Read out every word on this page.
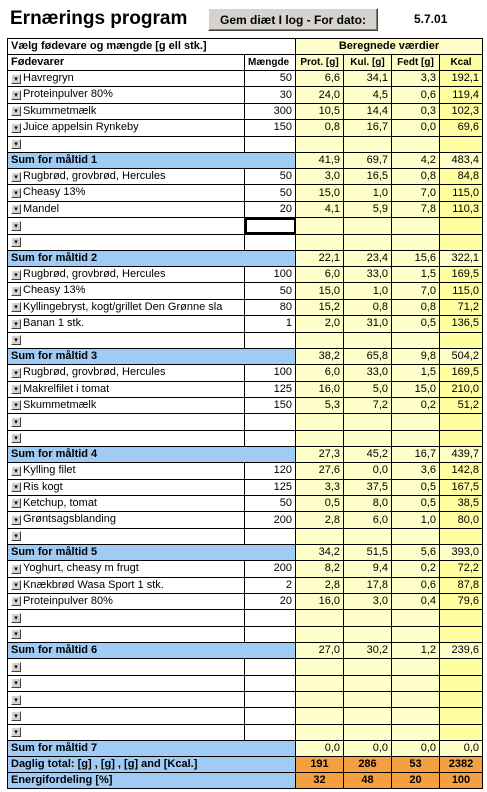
Ernærings program	Gem diæt I log - For dato:	5.7.01
Vælg fødevare og mængde [g ell stk.]		Beregnede værdier			
Fødevarer	Mængde	Prot. [g]	Kul. [g]	Fedt [g]	Kcal
▾ Havregryn	50	6,6	34,1	3,3	192,1
▾ Proteinpulver 80%	30	24,0	4,5	0,6	119,4
▾ Skummetmælk	300	10,5	14,4	0,3	102,3
▾ Juice appelsin Rynkeby	150	0,8	16,7	0,0	69,6
▾					
Sum for måltid 1		41,9	69,7	4,2	483,4
▾ Rugbrød, grovbrød, Hercules	50	3,0	16,5	0,8	84,8
▾ Cheasy 13%	50	15,0	1,0	7,0	115,0
▾ Mandel	20	4,1	5,9	7,8	110,3
▾					
▾					
Sum for måltid 2		22,1	23,4	15,6	322,1
▾ Rugbrød, grovbrød, Hercules	100	6,0	33,0	1,5	169,5
▾ Cheasy 13%	50	15,0	1,0	7,0	115,0
▾ Kyllingebryst, kogt/grillet Den Grønne sla	80	15,2	0,8	0,8	71,2
▾ Banan 1 stk.	1	2,0	31,0	0,5	136,5
▾					
Sum for måltid 3		38,2	65,8	9,8	504,2
▾ Rugbrød, grovbrød, Hercules	100	6,0	33,0	1,5	169,5
▾ Makrelfilet i tomat	125	16,0	5,0	15,0	210,0
▾ Skummetmælk	150	5,3	7,2	0,2	51,2
▾					
▾					
Sum for måltid 4		27,3	45,2	16,7	439,7
▾ Kylling filet	120	27,6	0,0	3,6	142,8
▾ Ris kogt	125	3,3	37,5	0,5	167,5
▾ Ketchup, tomat	50	0,5	8,0	0,5	38,5
▾ Grøntsagsblanding	200	2,8	6,0	1,0	80,0
▾					
Sum for måltid 5		34,2	51,5	5,6	393,0
▾ Yoghurt, cheasy m frugt	200	8,2	9,4	0,2	72,2
▾ Knækbrød Wasa Sport 1 stk.	2	2,8	17,8	0,6	87,8
▾ Proteinpulver 80%	20	16,0	3,0	0,4	79,6
▾					
▾					
Sum for måltid 6		27,0	30,2	1,2	239,6
▾					
▾					
▾					
▾					
▾					
Sum for måltid 7		0,0	0,0	0,0	0,0
Daglig total: [g] , [g] , [g] and [Kcal.]		191	286	53	2382
Energifordeling [%]		32	48	20	100
